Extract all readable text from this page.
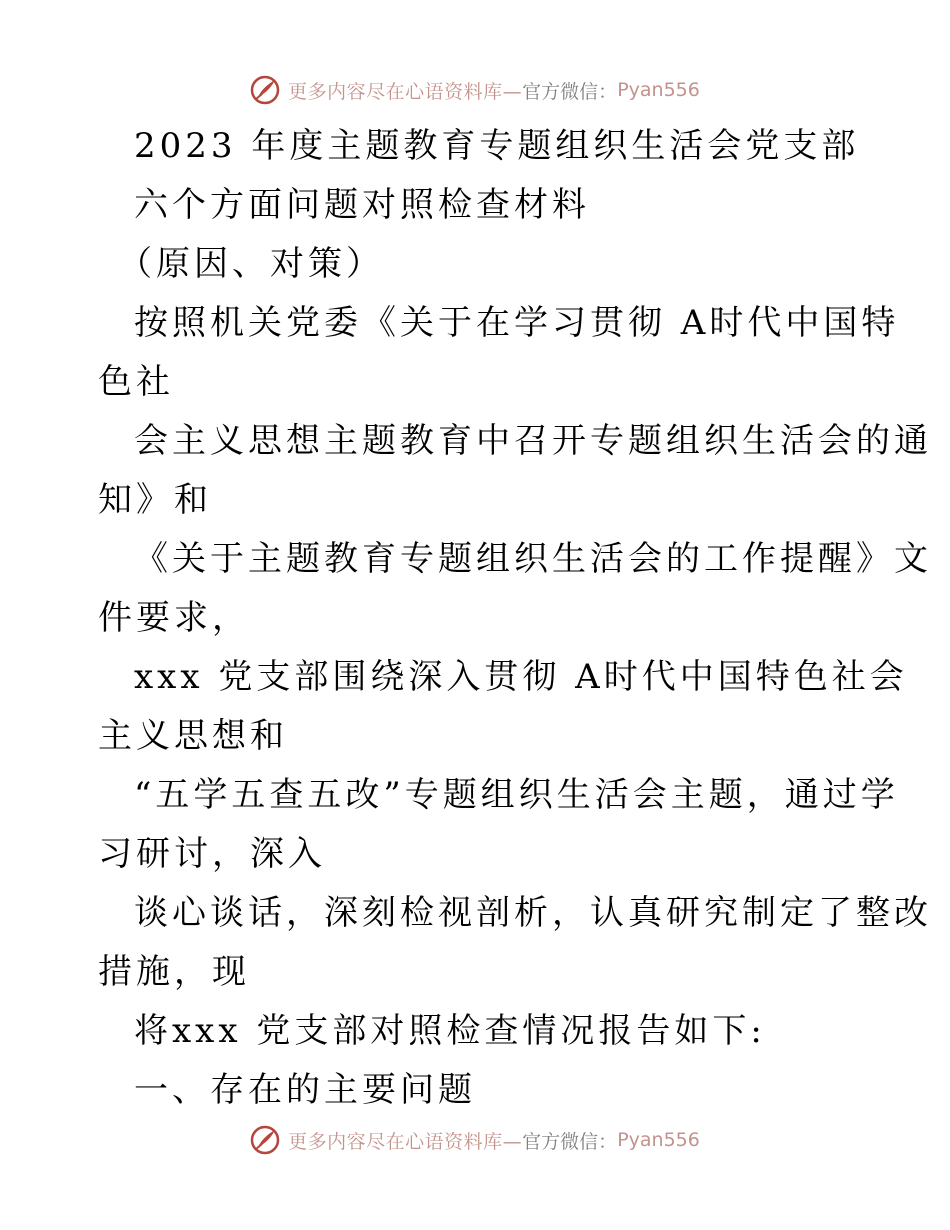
更多内容尽在心语资料库— 官方微信： Pyan556
2023 年度主题教育专题组织生活会党支部
六个方面问题对照检查材料
（原因、对策）
按照机关党委《关于在学习贯彻 A时代中国特
色社
会主义思想主题教育中召开专题组织生活会的通
知》和
《关于主题教育专题组织生活会的工作提醒》文
件要求，
xxx 党支部围绕深入贯彻 A时代中国特色社会
主义思想和
“五学五查五改”专题组织生活会主题，通过学
习研讨，深入
谈心谈话，深刻检视剖析，认真研究制定了整改
措施，现
将xxx 党支部对照检查情况报告如下:
一、存在的主要问题
更多内容尽在心语资料库— 官方微信： Pyan556
